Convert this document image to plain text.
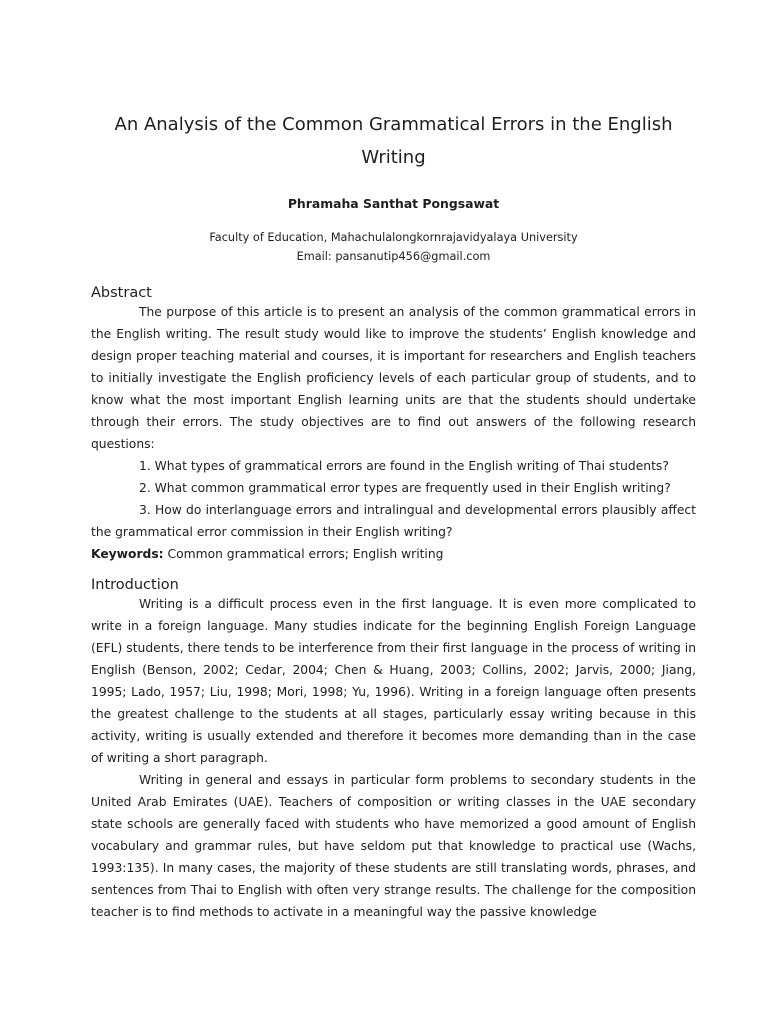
An Analysis of the Common Grammatical Errors in the English Writing
Phramaha Santhat Pongsawat
Faculty of Education, Mahachulalongkornrajavidyalaya University
Email: pansanutip456@gmail.com
Abstract

The purpose of this article is to present an analysis of the common grammatical errors in the English writing. The result study would like to improve the students’ English knowledge and design proper teaching material and courses, it is important for researchers and English teachers to initially investigate the English proficiency levels of each particular group of students, and to know what the most important English learning units are that the students should undertake through their errors. The study objectives are to find out answers of the following research questions:

1. What types of grammatical errors are found in the English writing of Thai students?
2. What common grammatical error types are frequently used in their English writing?
3. How do interlanguage errors and intralingual and developmental errors plausibly affect the grammatical error commission in their English writing?
Keywords: Common grammatical errors; English writing
Introduction

Writing is a difficult process even in the first language. It is even more complicated to write in a foreign language. Many studies indicate for the beginning English Foreign Language (EFL) students, there tends to be interference from their first language in the process of writing in English (Benson, 2002; Cedar, 2004; Chen & Huang, 2003; Collins, 2002; Jarvis, 2000; Jiang, 1995; Lado, 1957; Liu, 1998; Mori, 1998; Yu, 1996). Writing in a foreign language often presents the greatest challenge to the students at all stages, particularly essay writing because in this activity, writing is usually extended and therefore it becomes more demanding than in the case of writing a short paragraph.

Writing in general and essays in particular form problems to secondary students in the United Arab Emirates (UAE). Teachers of composition or writing classes in the UAE secondary state schools are generally faced with students who have memorized a good amount of English vocabulary and grammar rules, but have seldom put that knowledge to practical use (Wachs, 1993:135). In many cases, the majority of these students are still translating words, phrases, and sentences from Thai to English with often very strange results. The challenge for the composition teacher is to find methods to activate in a meaningful way the passive knowledge
